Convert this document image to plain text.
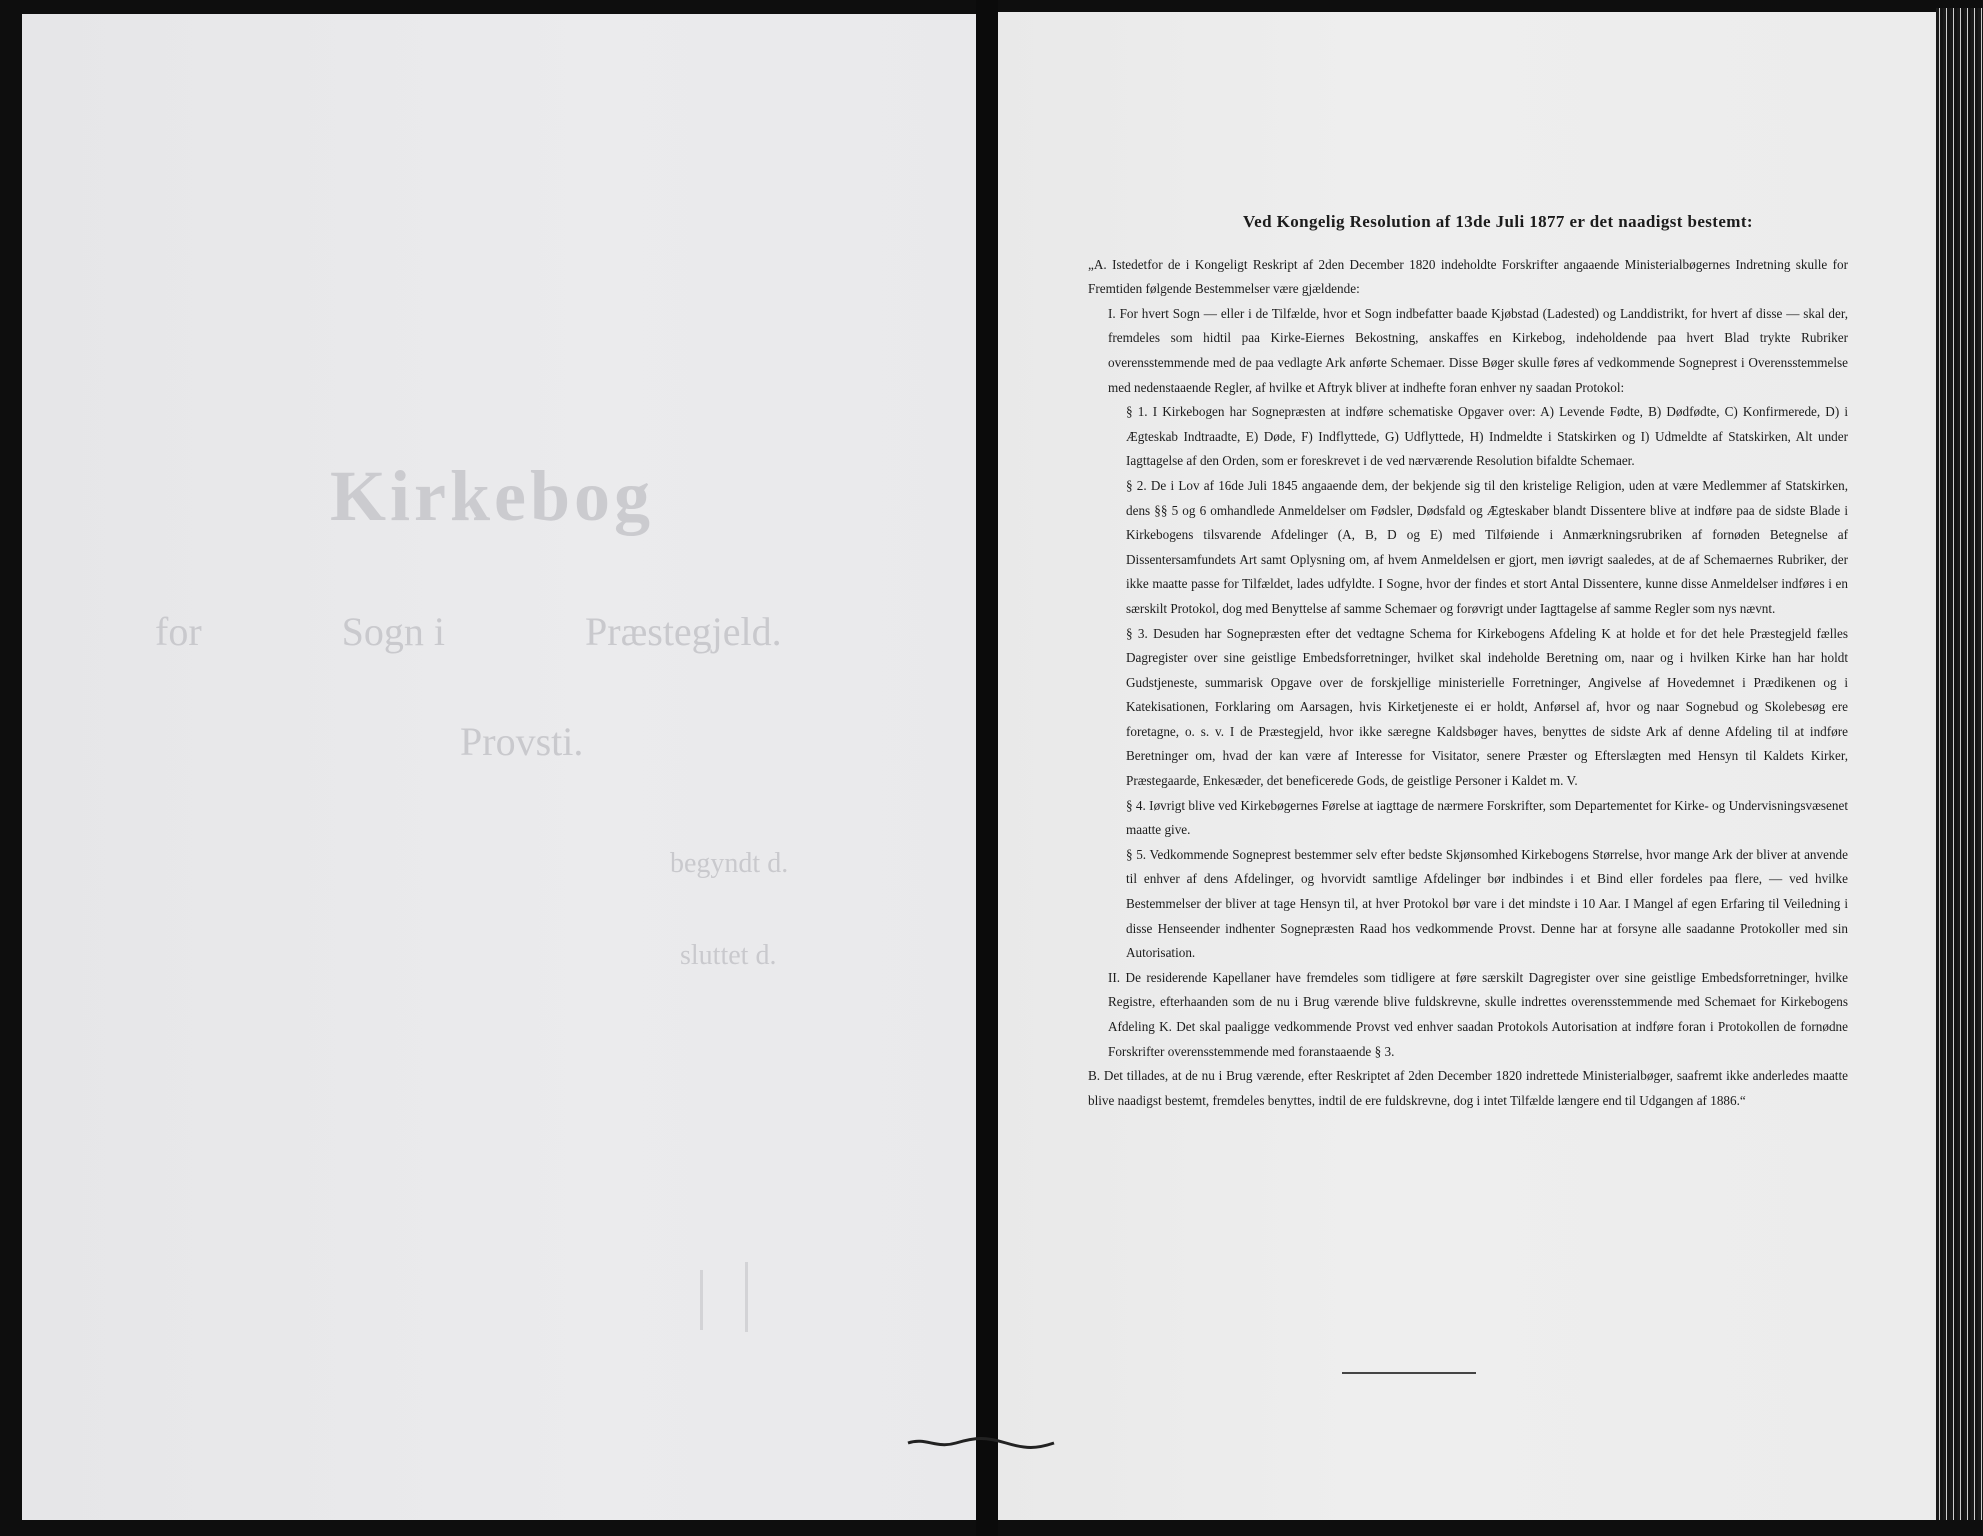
Kirkebog
for	Sogn i	Præstegjeld.
Provsti.
begyndt d.
sluttet d.
Ved Kongelig Resolution af 13de Juli 1877 er det naadigst bestemt:

„A. Istedetfor de i Kongeligt Reskript af 2den December 1820 indeholdte Forskrifter angaaende Ministerialbøgernes Indretning skulle for Fremtiden følgende Bestemmelser være gjældende:

I. For hvert Sogn — eller i de Tilfælde, hvor et Sogn indbefatter baade Kjøbstad (Ladested) og Landdistrikt, for hvert af disse — skal der, fremdeles som hidtil paa Kirke-Eiernes Bekostning, anskaffes en Kirkebog, indeholdende paa hvert Blad trykte Rubriker overensstemmende med de paa vedlagte Ark anførte Schemaer. Disse Bøger skulle føres af vedkommende Sogneprest i Overensstemmelse med nedenstaaende Regler, af hvilke et Aftryk bliver at indhefte foran enhver ny saadan Protokol:

§ 1. I Kirkebogen har Sognepræsten at indføre schematiske Opgaver over: A) Levende Fødte, B) Dødfødte, C) Konfirmerede, D) i Ægteskab Indtraadte, E) Døde, F) Indflyttede, G) Udflyttede, H) Indmeldte i Statskirken og I) Udmeldte af Statskirken, Alt under Iagttagelse af den Orden, som er foreskrevet i de ved nærværende Resolution bifaldte Schemaer.

§ 2. De i Lov af 16de Juli 1845 angaaende dem, der bekjende sig til den kristelige Religion, uden at være Medlemmer af Statskirken, dens §§ 5 og 6 omhandlede Anmeldelser om Fødsler, Dødsfald og Ægteskaber blandt Dissentere blive at indføre paa de sidste Blade i Kirkebogens tilsvarende Afdelinger (A, B, D og E) med Tilføiende i Anmærkningsrubriken af fornøden Betegnelse af Dissentersamfundets Art samt Oplysning om, af hvem Anmeldelsen er gjort, men iøvrigt saaledes, at de af Schemaernes Rubriker, der ikke maatte passe for Tilfældet, lades udfyldte. I Sogne, hvor der findes et stort Antal Dissentere, kunne disse Anmeldelser indføres i en særskilt Protokol, dog med Benyttelse af samme Schemaer og forøvrigt under Iagttagelse af samme Regler som nys nævnt.

§ 3. Desuden har Sognepræsten efter det vedtagne Schema for Kirkebogens Afdeling K at holde et for det hele Præstegjeld fælles Dagregister over sine geistlige Embedsforretninger, hvilket skal indeholde Beretning om, naar og i hvilken Kirke han har holdt Gudstjeneste, summarisk Opgave over de forskjellige ministerielle Forretninger, Angivelse af Hovedemnet i Prædikenen og i Katekisationen, Forklaring om Aarsagen, hvis Kirketjeneste ei er holdt, Anførsel af, hvor og naar Sognebud og Skolebesøg ere foretagne, o. s. v. I de Præstegjeld, hvor ikke særegne Kaldsbøger haves, benyttes de sidste Ark af denne Afdeling til at indføre Beretninger om, hvad der kan være af Interesse for Visitator, senere Præster og Efterslægten med Hensyn til Kaldets Kirker, Præstegaarde, Enkesæder, det beneficerede Gods, de geistlige Personer i Kaldet m. V.

§ 4. Iøvrigt blive ved Kirkebøgernes Førelse at iagttage de nærmere Forskrifter, som Departementet for Kirke- og Undervisningsvæsenet maatte give.

§ 5. Vedkommende Sogneprest bestemmer selv efter bedste Skjønsomhed Kirkebogens Størrelse, hvor mange Ark der bliver at anvende til enhver af dens Afdelinger, og hvorvidt samtlige Afdelinger bør indbindes i et Bind eller fordeles paa flere, — ved hvilke Bestemmelser der bliver at tage Hensyn til, at hver Protokol bør vare i det mindste i 10 Aar. I Mangel af egen Erfaring til Veiledning i disse Henseender indhenter Sognepræsten Raad hos vedkommende Provst. Denne har at forsyne alle saadanne Protokoller med sin Autorisation.

II. De residerende Kapellaner have fremdeles som tidligere at føre særskilt Dagregister over sine geistlige Embedsforretninger, hvilke Registre, efterhaanden som de nu i Brug værende blive fuldskrevne, skulle indrettes overensstemmende med Schemaet for Kirkebogens Afdeling K. Det skal paaligge vedkommende Provst ved enhver saadan Protokols Autorisation at indføre foran i Protokollen de fornødne Forskrifter overensstemmende med foranstaaende § 3.

B. Det tillades, at de nu i Brug værende, efter Reskriptet af 2den December 1820 indrettede Ministerialbøger, saafremt ikke anderledes maatte blive naadigst bestemt, fremdeles benyttes, indtil de ere fuldskrevne, dog i intet Tilfælde længere end til Udgangen af 1886.“
